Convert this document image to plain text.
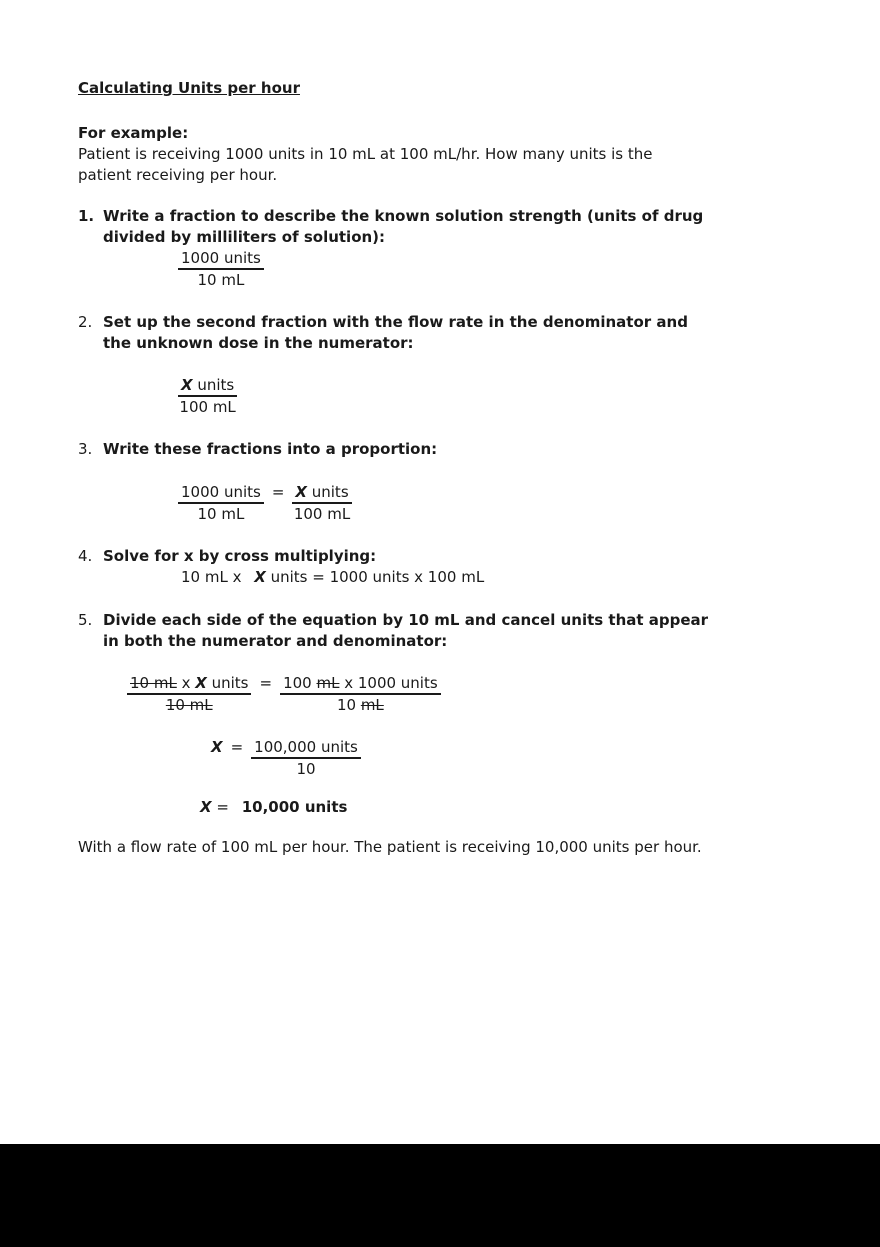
Calculating Units per hour
For example:
Patient is receiving 1000 units in 10 mL at 100 mL/hr. How many units is the
patient receiving per hour.
1. Write a fraction to describe the known solution strength (units of drug
divided by milliliters of solution):
$\frac{\text{1000 units}}{10 mL}$
2. Set up the second fraction with the flow rate in the denominator and
the unknown dose in the numerator:
$\frac{\text{X units}}{100 mL}$
3. Write these fractions into a proportion:
$\frac{\text{1000 units}}{10 mL} = \frac{\text{X units}}{100 mL}$
4. Solve for x by cross multiplying:
10 mL x X units = 1000 units x 100 mL
5. Divide each side of the equation by 10 mL and cancel units that appear
in both the numerator and denominator:
$\frac{\text{10 mL x X units}}{10 mL} = \frac{\text{100 mL x 1000 units}}{10 mL}$
$X = \frac{\text{100,000 units}}{10}$
X = 10,000 units
With a flow rate of 100 mL per hour. The patient is receiving 10,000 units per hour.
